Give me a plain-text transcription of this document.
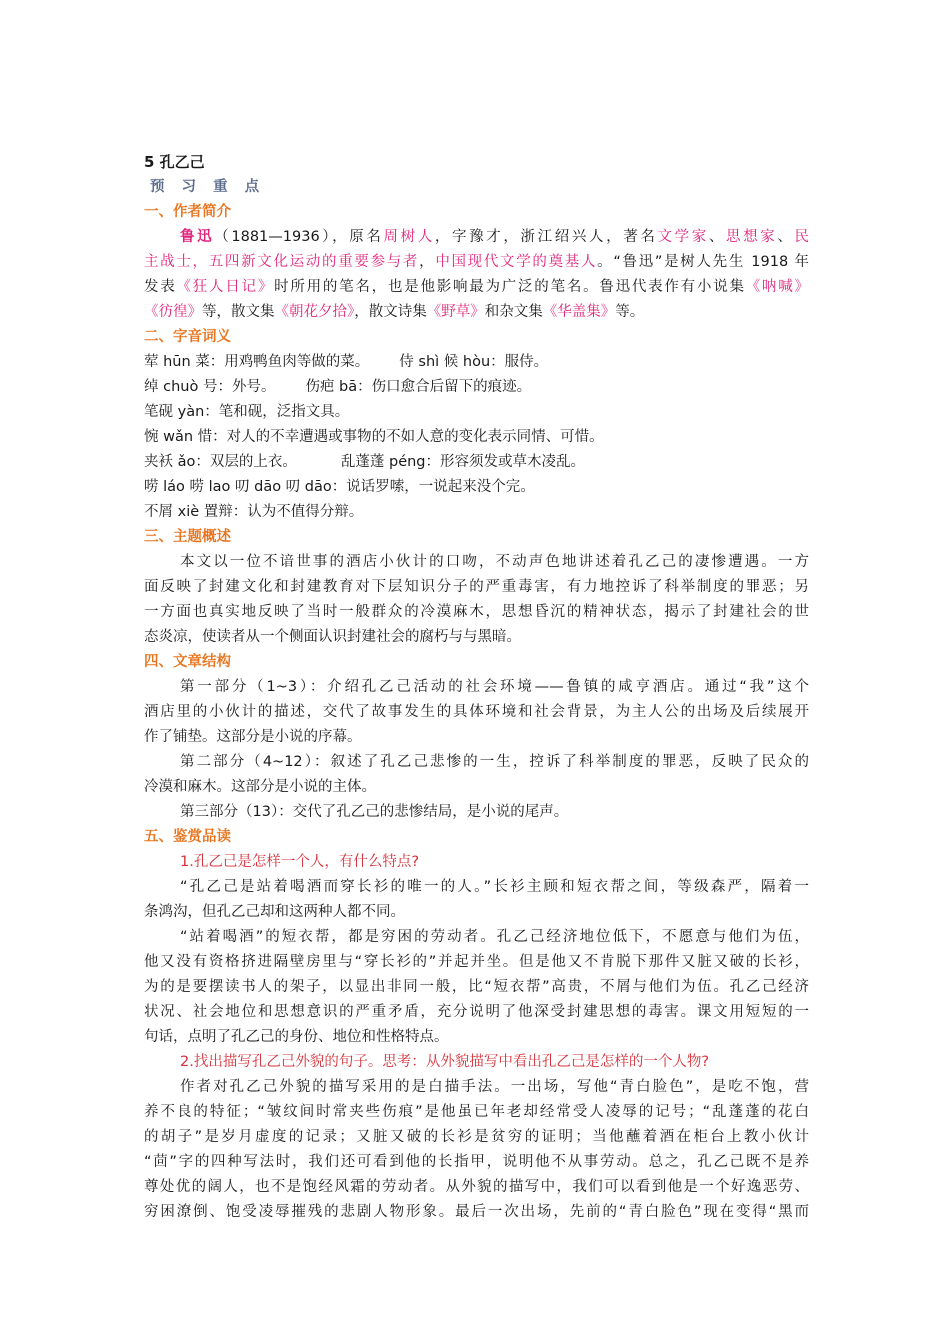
5 孔乙己
预 习 重 点
一、作者简介
鲁迅（1881—1936），原名周树人，字豫才，浙江绍兴人，著名文学家、思想家、民
主战士，五四新文化运动的重要参与者，中国现代文学的奠基人。“鲁迅”是树人先生 1918 年
发表《狂人日记》时所用的笔名，也是他影响最为广泛的笔名。鲁迅代表作有小说集《呐喊》
《彷徨》等，散文集《朝花夕拾》，散文诗集《野草》和杂文集《华盖集》等。
二、字音词义
荤 hūn 菜：用鸡鸭鱼肉等做的菜。 侍 shì 候 hòu：服侍。
绰 chuò 号：外号。 伤疤 bā：伤口愈合后留下的痕迹。
笔砚 yàn：笔和砚，泛指文具。
惋 wǎn 惜：对人的不幸遭遇或事物的不如人意的变化表示同情、可惜。
夹袄 ǎo：双层的上衣。	乱蓬蓬 péng：形容须发或草木凌乱。
唠 láo 唠 lao 叨 dāo 叨 dāo：说话罗嗦，一说起来没个完。
不屑 xiè 置辩：认为不值得分辩。
三、主题概述
本文以一位不谙世事的酒店小伙计的口吻，不动声色地讲述着孔乙己的凄惨遭遇。一方
面反映了封建文化和封建教育对下层知识分子的严重毒害，有力地控诉了科举制度的罪恶；另
一方面也真实地反映了当时一般群众的冷漠麻木，思想昏沉的精神状态，揭示了封建社会的世
态炎凉，使读者从一个侧面认识封建社会的腐朽与与黑暗。
四、文章结构
第一部分（1~3）：介绍孔乙己活动的社会环境——鲁镇的咸亨酒店。通过“我”这个
酒店里的小伙计的描述，交代了故事发生的具体环境和社会背景，为主人公的出场及后续展开
作了铺垫。这部分是小说的序幕。
第二部分（4~12）：叙述了孔乙己悲惨的一生，控诉了科举制度的罪恶，反映了民众的
冷漠和麻木。这部分是小说的主体。
第三部分（13）：交代了孔乙己的悲惨结局，是小说的尾声。
五、鉴赏品读
1.孔乙己是怎样一个人，有什么特点?
“孔乙己是站着喝酒而穿长衫的唯一的人。”长衫主顾和短衣帮之间，等级森严，隔着一
条鸿沟，但孔乙己却和这两种人都不同。
“站着喝酒”的短衣帮，都是穷困的劳动者。孔乙己经济地位低下，不愿意与他们为伍，
他又没有资格挤进隔壁房里与“穿长衫的”并起并坐。但是他又不肯脱下那件又脏又破的长衫，
为的是要摆读书人的架子，以显出非同一般，比“短衣帮”高贵，不屑与他们为伍。孔乙己经济
状况、社会地位和思想意识的严重矛盾，充分说明了他深受封建思想的毒害。课文用短短的一
句话，点明了孔乙己的身份、地位和性格特点。
2.找出描写孔乙己外貌的句子。思考：从外貌描写中看出孔乙己是怎样的一个人物?
作者对孔乙己外貌的描写采用的是白描手法。一出场，写他“青白脸色”，是吃不饱，营
养不良的特征；“皱纹间时常夹些伤痕”是他虽已年老却经常受人凌辱的记号；“乱蓬蓬的花白
的胡子”是岁月虚度的记录；又脏又破的长衫是贫穷的证明；当他蘸着酒在柜台上教小伙计
“茴”字的四种写法时，我们还可看到他的长指甲，说明他不从事劳动。总之，孔乙己既不是养
尊处优的阔人，也不是饱经风霜的劳动者。从外貌的描写中，我们可以看到他是一个好逸恶劳、
穷困潦倒、饱受凌辱摧残的悲剧人物形象。最后一次出场，先前的“青白脸色”现在变得“黑而
